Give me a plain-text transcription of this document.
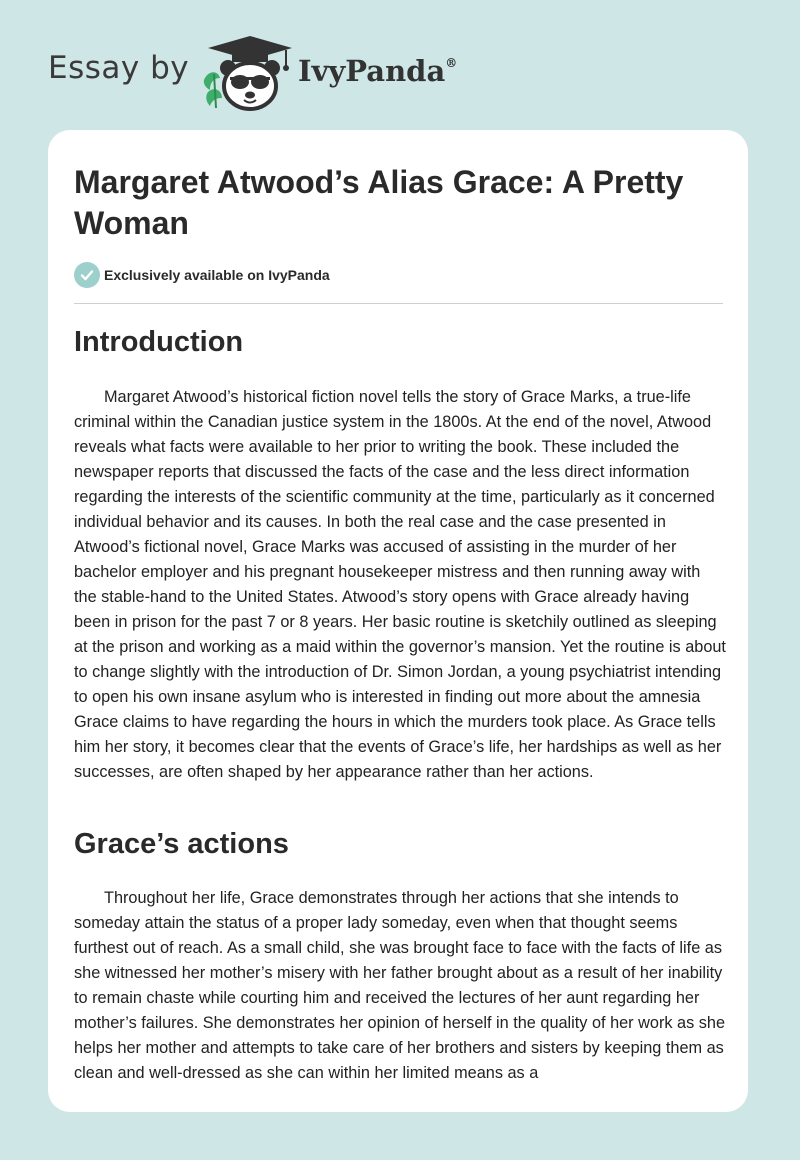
Essay by	IvyPanda®
Margaret Atwood’s Alias Grace: A Pretty Woman
Exclusively available on IvyPanda
Introduction

Margaret Atwood’s historical fiction novel tells the story of Grace Marks, a true-life criminal within the Canadian justice system in the 1800s. At the end of the novel, Atwood reveals what facts were available to her prior to writing the book. These included the newspaper reports that discussed the facts of the case and the less direct information regarding the interests of the scientific community at the time, particularly as it concerned individual behavior and its causes. In both the real case and the case presented in Atwood’s fictional novel, Grace Marks was accused of assisting in the murder of her bachelor employer and his pregnant housekeeper mistress and then running away with the stable-hand to the United States. Atwood’s story opens with Grace already having been in prison for the past 7 or 8 years. Her basic routine is sketchily outlined as sleeping at the prison and working as a maid within the governor’s mansion. Yet the routine is about to change slightly with the introduction of Dr. Simon Jordan, a young psychiatrist intending to open his own insane asylum who is interested in finding out more about the amnesia Grace claims to have regarding the hours in which the murders took place. As Grace tells him her story, it becomes clear that the events of Grace’s life, her hardships as well as her successes, are often shaped by her appearance rather than her actions.

Grace’s actions

Throughout her life, Grace demonstrates through her actions that she intends to someday attain the status of a proper lady someday, even when that thought seems furthest out of reach. As a small child, she was brought face to face with the facts of life as she witnessed her mother’s misery with her father brought about as a result of her inability to remain chaste while courting him and received the lectures of her aunt regarding her mother’s failures. She demonstrates her opinion of herself in the quality of her work as she helps her mother and attempts to take care of her brothers and sisters by keeping them as clean and well-dressed as she can within her limited means as a
